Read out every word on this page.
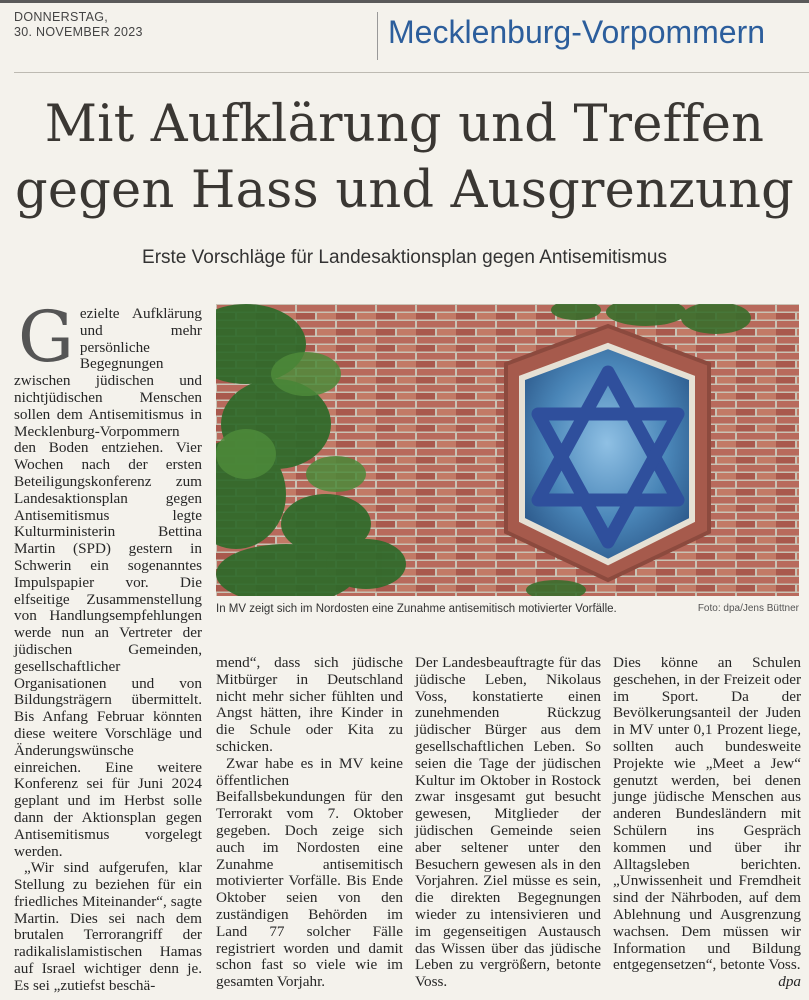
DONNERSTAG,
30. NOVEMBER 2023	Mecklenburg-Vorpommern
Mit Aufklärung und Treffen
gegen Hass und Ausgrenzung
Erste Vorschläge für Landesaktionsplan gegen Antisemitismus
G ezielte Aufklärung und mehr persönliche Begegnungen zwischen jüdischen und nichtjüdischen Menschen sollen dem Antisemitismus in Mecklenburg-Vorpommern den Boden entziehen. Vier Wochen nach der ersten Beteiligungskonferenz zum Landesaktionsplan gegen Antisemitismus legte Kulturministerin Bettina Martin (SPD) gestern in Schwerin ein sogenanntes Impulspapier vor. Die elfseitige Zusammenstellung von Handlungsempfehlungen werde nun an Vertreter der jüdischen Gemeinden, gesellschaftlicher Organisationen und von Bildungsträgern übermittelt. Bis Anfang Februar könnten diese weitere Vorschläge und Änderungswünsche einreichen. Eine weitere Konferenz sei für Juni 2024 geplant und im Herbst solle dann der Aktionsplan gegen Antisemitismus vorgelegt werden.

„Wir sind aufgerufen, klar Stellung zu beziehen für ein friedliches Miteinander“, sagte Martin. Dies sei nach dem brutalen Terrorangriff der radikalislamistischen Hamas auf Israel wichtiger denn je. Es sei „zutiefst beschä-

In MV zeigt sich im Nordosten eine Zunahme antisemitisch motivierter Vorfälle.	Foto: dpa/Jens Büttner

mend“, dass sich jüdische Mitbürger in Deutschland nicht mehr sicher fühlten und Angst hätten, ihre Kinder in die Schule oder Kita zu schicken.

Zwar habe es in MV keine öffentlichen Beifallsbekundungen für den Terrorakt vom 7. Oktober gegeben. Doch zeige sich auch im Nordosten eine Zunahme antisemitisch motivierter Vorfälle. Bis Ende Oktober seien von den zuständigen Behörden im Land 77 solcher Fälle registriert worden und damit schon fast so viele wie im gesamten Vorjahr.

Der Landesbeauftragte für das jüdische Leben, Nikolaus Voss, konstatierte einen zunehmenden Rückzug jüdischer Bürger aus dem gesellschaftlichen Leben. So seien die Tage der jüdischen Kultur im Oktober in Rostock zwar insgesamt gut besucht gewesen, Mitglieder der jüdischen Gemeinde seien aber seltener unter den Besuchern gewesen als in den Vorjahren. Ziel müsse es sein, die direkten Begegnungen wieder zu intensivieren und im gegenseitigen Austausch das Wissen über das jüdische Leben zu vergrößern, betonte Voss.

Dies könne an Schulen geschehen, in der Freizeit oder im Sport. Da der Bevölkerungsanteil der Juden in MV unter 0,1 Prozent liege, sollten auch bundesweite Projekte wie „Meet a Jew“ genutzt werden, bei denen junge jüdische Menschen aus anderen Bundesländern mit Schülern ins Gespräch kommen und über ihr Alltagsleben berichten. „Unwissenheit und Fremdheit sind der Nährboden, auf dem Ablehnung und Ausgrenzung wachsen. Dem müssen wir Information und Bildung entgegensetzen“, betonte Voss.

dpa
